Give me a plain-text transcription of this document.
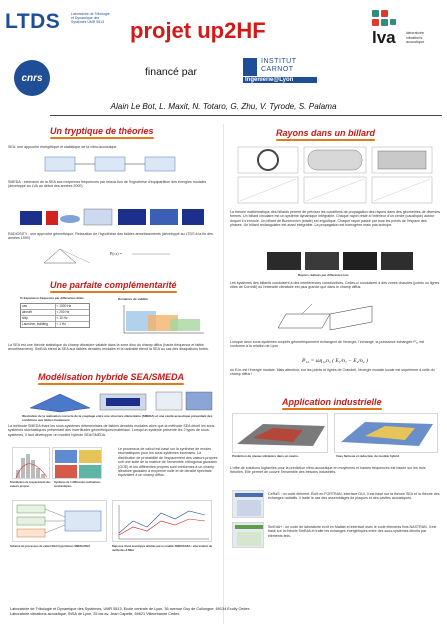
LTDS	Laboratoire de Tribologie et Dynamique des Systèmes UMR 5513	projet up2HF	lva	laboratoire vibrations acoustique
cnrs	financé par
INSTITUT
CARNOT
Ingénierie@Lyon
Alain Le Bot, L. Maxit, N. Totaro, G. Zhu, V. Tyrode, S. Palama
Un tryptique de théories
SEA: une approche énergétique et statistique de la vibro-acoustique
SMEDA : extension de la SEA aux moyennes fréquences par relaxa-tion de l'hypothèse d'équipartition des énergies modales (développé au LVA au début des années 2000)
RADIOSITY : une approche géométrique. Relaxation de l'hypothèse des faibles amortissements (développé au LTDS à la fin des années 1990)
P(r,s) =
Une parfaite complémentarité
Tr Expansion fréquence par différentes Etats
cas	< 1000 Hz
aircraft	< 200 Hz
ship	< 10 Hz
Launcher, building	< 1 Hz
Domaines de validité
La SEA est une théorie statistique du champ vibratoire valable dans la zone diso du champ diffus (haute fréquence et faible amortissement). SmEdA étend la SEA aux faibles densités modales et la radiosité étend la SEA au cas des dissipations fortes.
Modélisation hybride SEA/SMEDA
Illustration de la réalisation correcte de la couplage entre une structure élémentaire (SMEDA) et une cavité acoustique présentant des conditions aux limites hautement
La méthode SMEDA étant les sous-systèmes déterministes de faibles densités modales alors que la méthode SEA décrit les sous-systèmes stochastiques présentant des incertitudes géométriques/matériaux. Lorsqu'un système présente les 2 types de sous-systèmes, il faut développer un modèle hybride SEA/SMEDA.
Distribution de l'espacement des valeurs propres
Synthèse de 4 différentes réalisations stochastiques
Le processus de calcul est basé sur la synthèse de modes stochastiques pour les sous-systèmes incertains. La distribution de probabilité de l'espacement des valeurs propres suit une suite de la matrice de l'ensemble orthogonal gaussien (GOE) et les différentes propres sont conformes à un champ aléatoire gaussien à moyenne nulle et de densité spectrale équivalent à un champ diffus.
Schéma du processus de calcul SEA/ hypothèses SMEDA/SEA	Réponse d'une enveloppe arbitrée par le modèle SMEDA/SEA : intervention de méthodes & MEA
Rayons dans un billard
La théorie mathématique des billards permet de préciser les conditions de propagation des rayons dans des géométries de diverses formes. Un billard circulaire est un système dynamique intégrable. Chaque rayon reste à l'intérieur d'un cercle (caustique) autour duquel il s'enroule. Un billard de Bunimovich (stade) est ergodique. Chaque rayon passe par tous les points de l'espace des phases. Un billard rectangulaire est aussi intégrable. La propagation est homogène mais pas isotrope.
Rayons réalisés par différentes lois
Les systèmes des billards conduisent à des interférences constructives. Celles-ci conduisent à des zones chaudes (points ou lignes rôles de Cornhill) où l'intensité vibratoire est plus grande que dans le champ diffus.
Lorsque deux sous-systèmes couplés géométriquement échangent de l'énergie, l'échange, la puissance échangée P₁₂ est conforme à la relation de Lyon
P₁₂ = ωη₁₂n₁ ( E₁/n₁ − E₂/n₂ )
où Eᵢ/nᵢ est l'énergie modale. Mais attention, sur les points et lignes de Crandell, l'énergie modale locale est supérieure à celle du champ diffus !
Application industrielle
Prédiction du niveau vibratoire dans un navire.	Vues fâcheux et réduction du modèle hybrid
L'offre de solutions logicielles pour la prédiction vibro-acoustique en moyennes et hautes fréquences est basée sur les trois théories. Elle permet de couvrir l'ensemble des besoins industriels.
CeRaS : un code élément. Écrit en FORTRAN, interface GUI. Il est basé sur la théorie SEA et la théorie des échanges radiatifs. Il traite le cas des assemblages de plaques et des cavités acoustiques.
SmEdA+ : un code de laboratoire écrit en Matlab et interfacé avec le code éléments finis NASTRAN. Il est basé sur la théorie SmEdA et traite les échanges énergétiques entre des sous-systèmes décrits par éléments finis.
Laboratoire de Tribologie et Dynamique des Systèmes, UMR 5513, Ecole centrale de Lyon, 36 avenue Guy de Collongue, 69134 Ecully Cedex.
Laboratoire vibrations acoustique, INSA de Lyon, 25 bis av. Jean Capelle, 69621 Villeurbanne Cedex.
